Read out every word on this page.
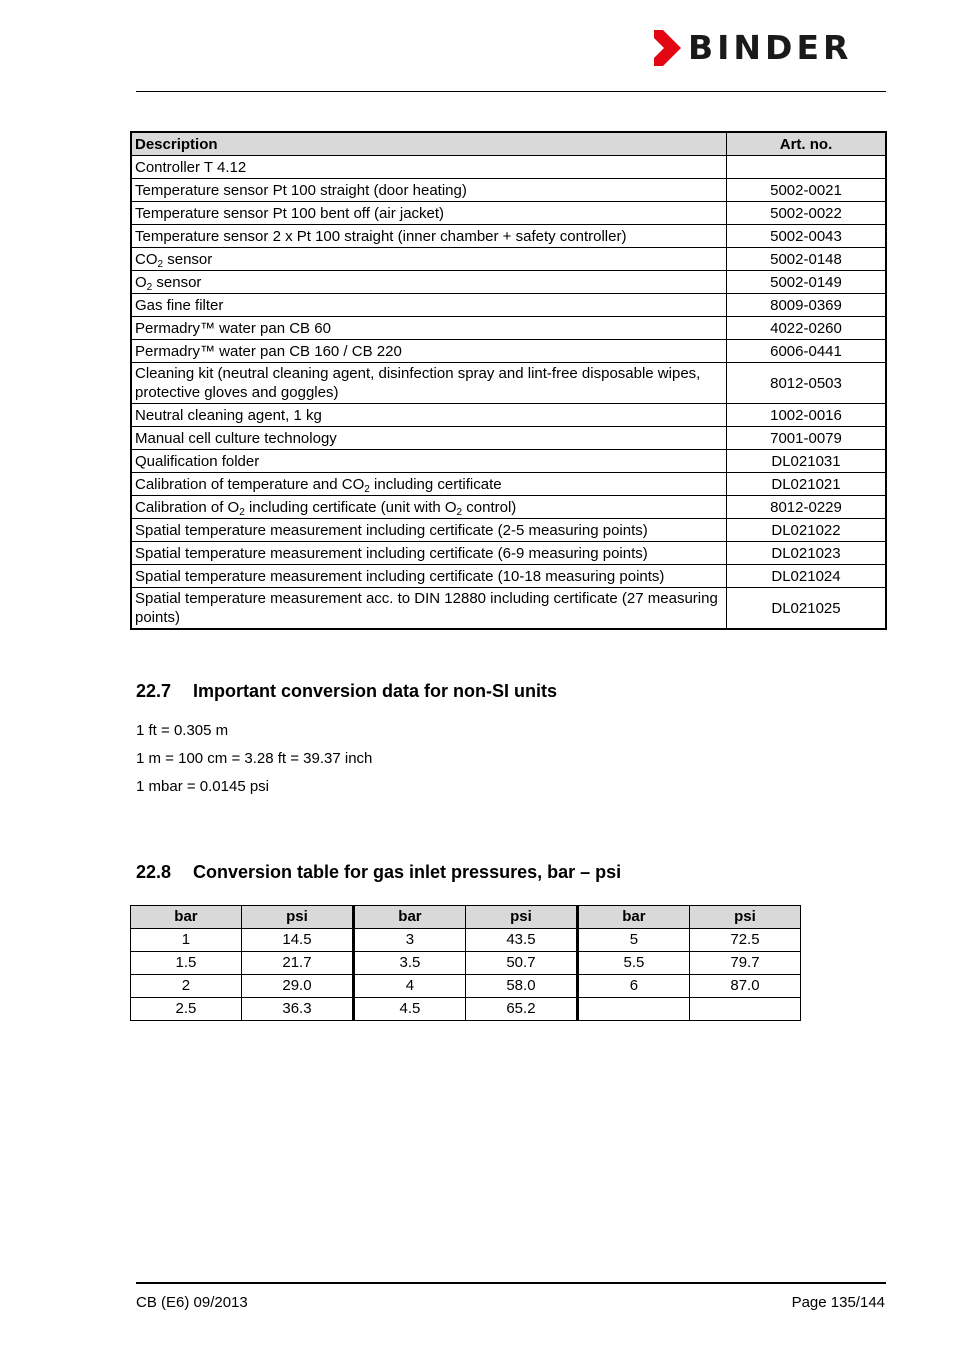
BINDER
Description	Art. no.
Controller T 4.12	
Temperature sensor Pt 100 straight (door heating)	5002-0021
Temperature sensor Pt 100 bent off (air jacket)	5002-0022
Temperature sensor 2 x Pt 100 straight (inner chamber + safety controller)	5002-0043
$CO_2$ sensor	5002-0148
$O_2$ sensor	5002-0149
Gas fine filter	8009-0369
Permadry™ water pan CB 60	4022-0260
Permadry™ water pan CB 160 / CB 220	6006-0441
Cleaning kit (neutral cleaning agent, disinfection spray and lint-free disposable wipes, protective gloves and goggles)	8012-0503
Neutral cleaning agent, 1 kg	1002-0016
Manual cell culture technology	7001-0079
Qualification folder	DL021031
Calibration of temperature and $CO_2$ including certificate	DL021021
Calibration of $O_2$ including certificate (unit with $O_2$ control)	8012-0229
Spatial temperature measurement including certificate (2-5 measuring points)	DL021022
Spatial temperature measurement including certificate (6-9 measuring points)	DL021023
Spatial temperature measurement including certificate (10-18 measuring points)	DL021024
Spatial temperature measurement acc. to DIN 12880 including certificate (27 measuring points)	DL021025
22.7 Important conversion data for non-SI units
1 ft = 0.305 m
1 m = 100 cm = 3.28 ft = 39.37 inch
1 mbar = 0.0145 psi
22.8 Conversion table for gas inlet pressures, bar – psi
bar	psi	bar	psi	bar	psi
1	14.5	3	43.5	5	72.5
1.5	21.7	3.5	50.7	5.5	79.7
2	29.0	4	58.0	6	87.0
2.5	36.3	4.5	65.2		
CB (E6) 09/2013	Page 135/144
